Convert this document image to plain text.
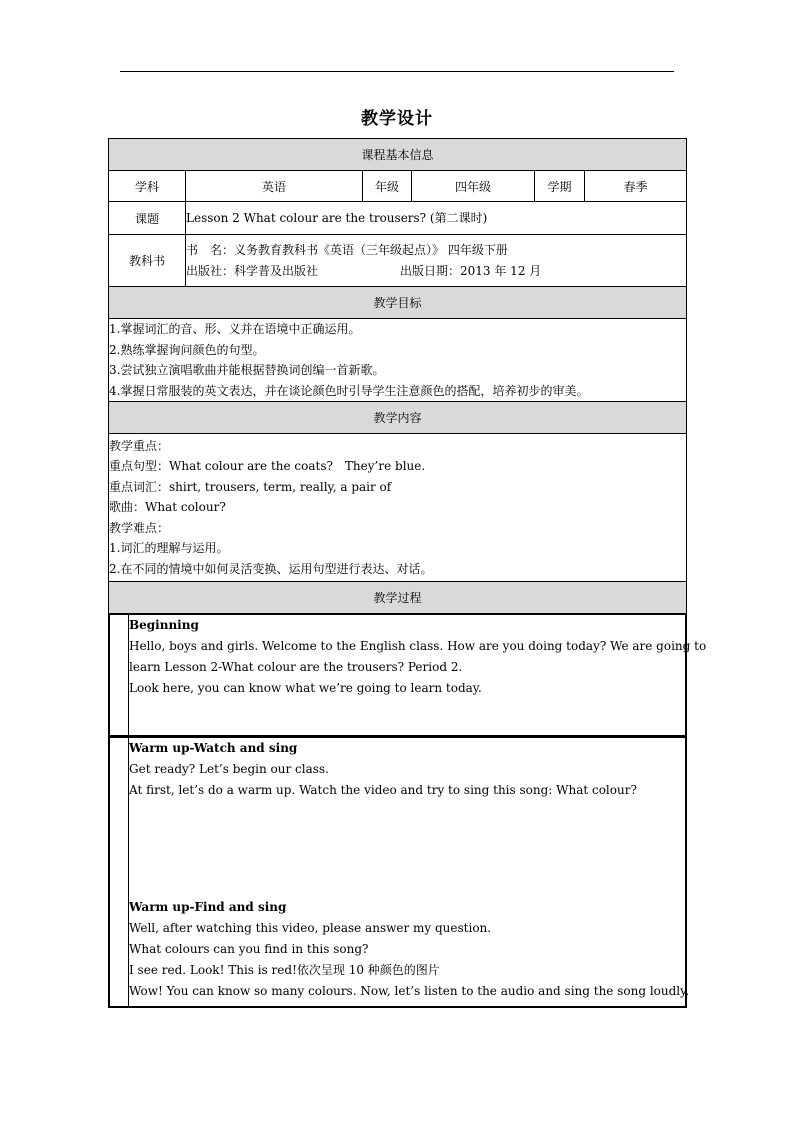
教学设计
课程基本信息
学科	英语	年级	四年级	学期	春季
课题	Lesson 2 What colour are the trousers? (第二课时)
教科书	
书　名：义务教育教科书《英语（三年级起点）》 四年级下册
出版社：科学普及出版社	出版日期：2013 年 12 月

教学目标

1.掌握词汇的音、形、义并在语境中正确运用。
2.熟练掌握询问颜色的句型。
3.尝试独立演唱歌曲并能根据替换词创编一首新歌。
4.掌握日常服装的英文表达，并在谈论颜色时引导学生注意颜色的搭配，培养初步的审美。

教学内容

教学重点：
重点句型：What colour are the coats?　They’re blue.
重点词汇：shirt, trousers, term, really, a pair of
歌曲：What colour?
教学难点：
1.词汇的理解与运用。
2.在不同的情境中如何灵活变换、运用句型进行表达、对话。

教学过程

Beginning
Hello, boys and girls. Welcome to the English class. How are you doing today? We are going to
learn Lesson 2-What colour are the trousers? Period 2.
Look here, you can know what we’re going to learn today.

Warm up-Watch and sing
Get ready? Let’s begin our class.
At first, let’s do a warm up. Watch the video and try to sing this song: What colour?
Warm up-Find and sing
Well, after watching this video, please answer my question.
What colours can you find in this song?
I see red. Look! This is red!依次呈现 10 种颜色的图片
Wow! You can know so many colours. Now, let’s listen to the audio and sing the song loudly.
